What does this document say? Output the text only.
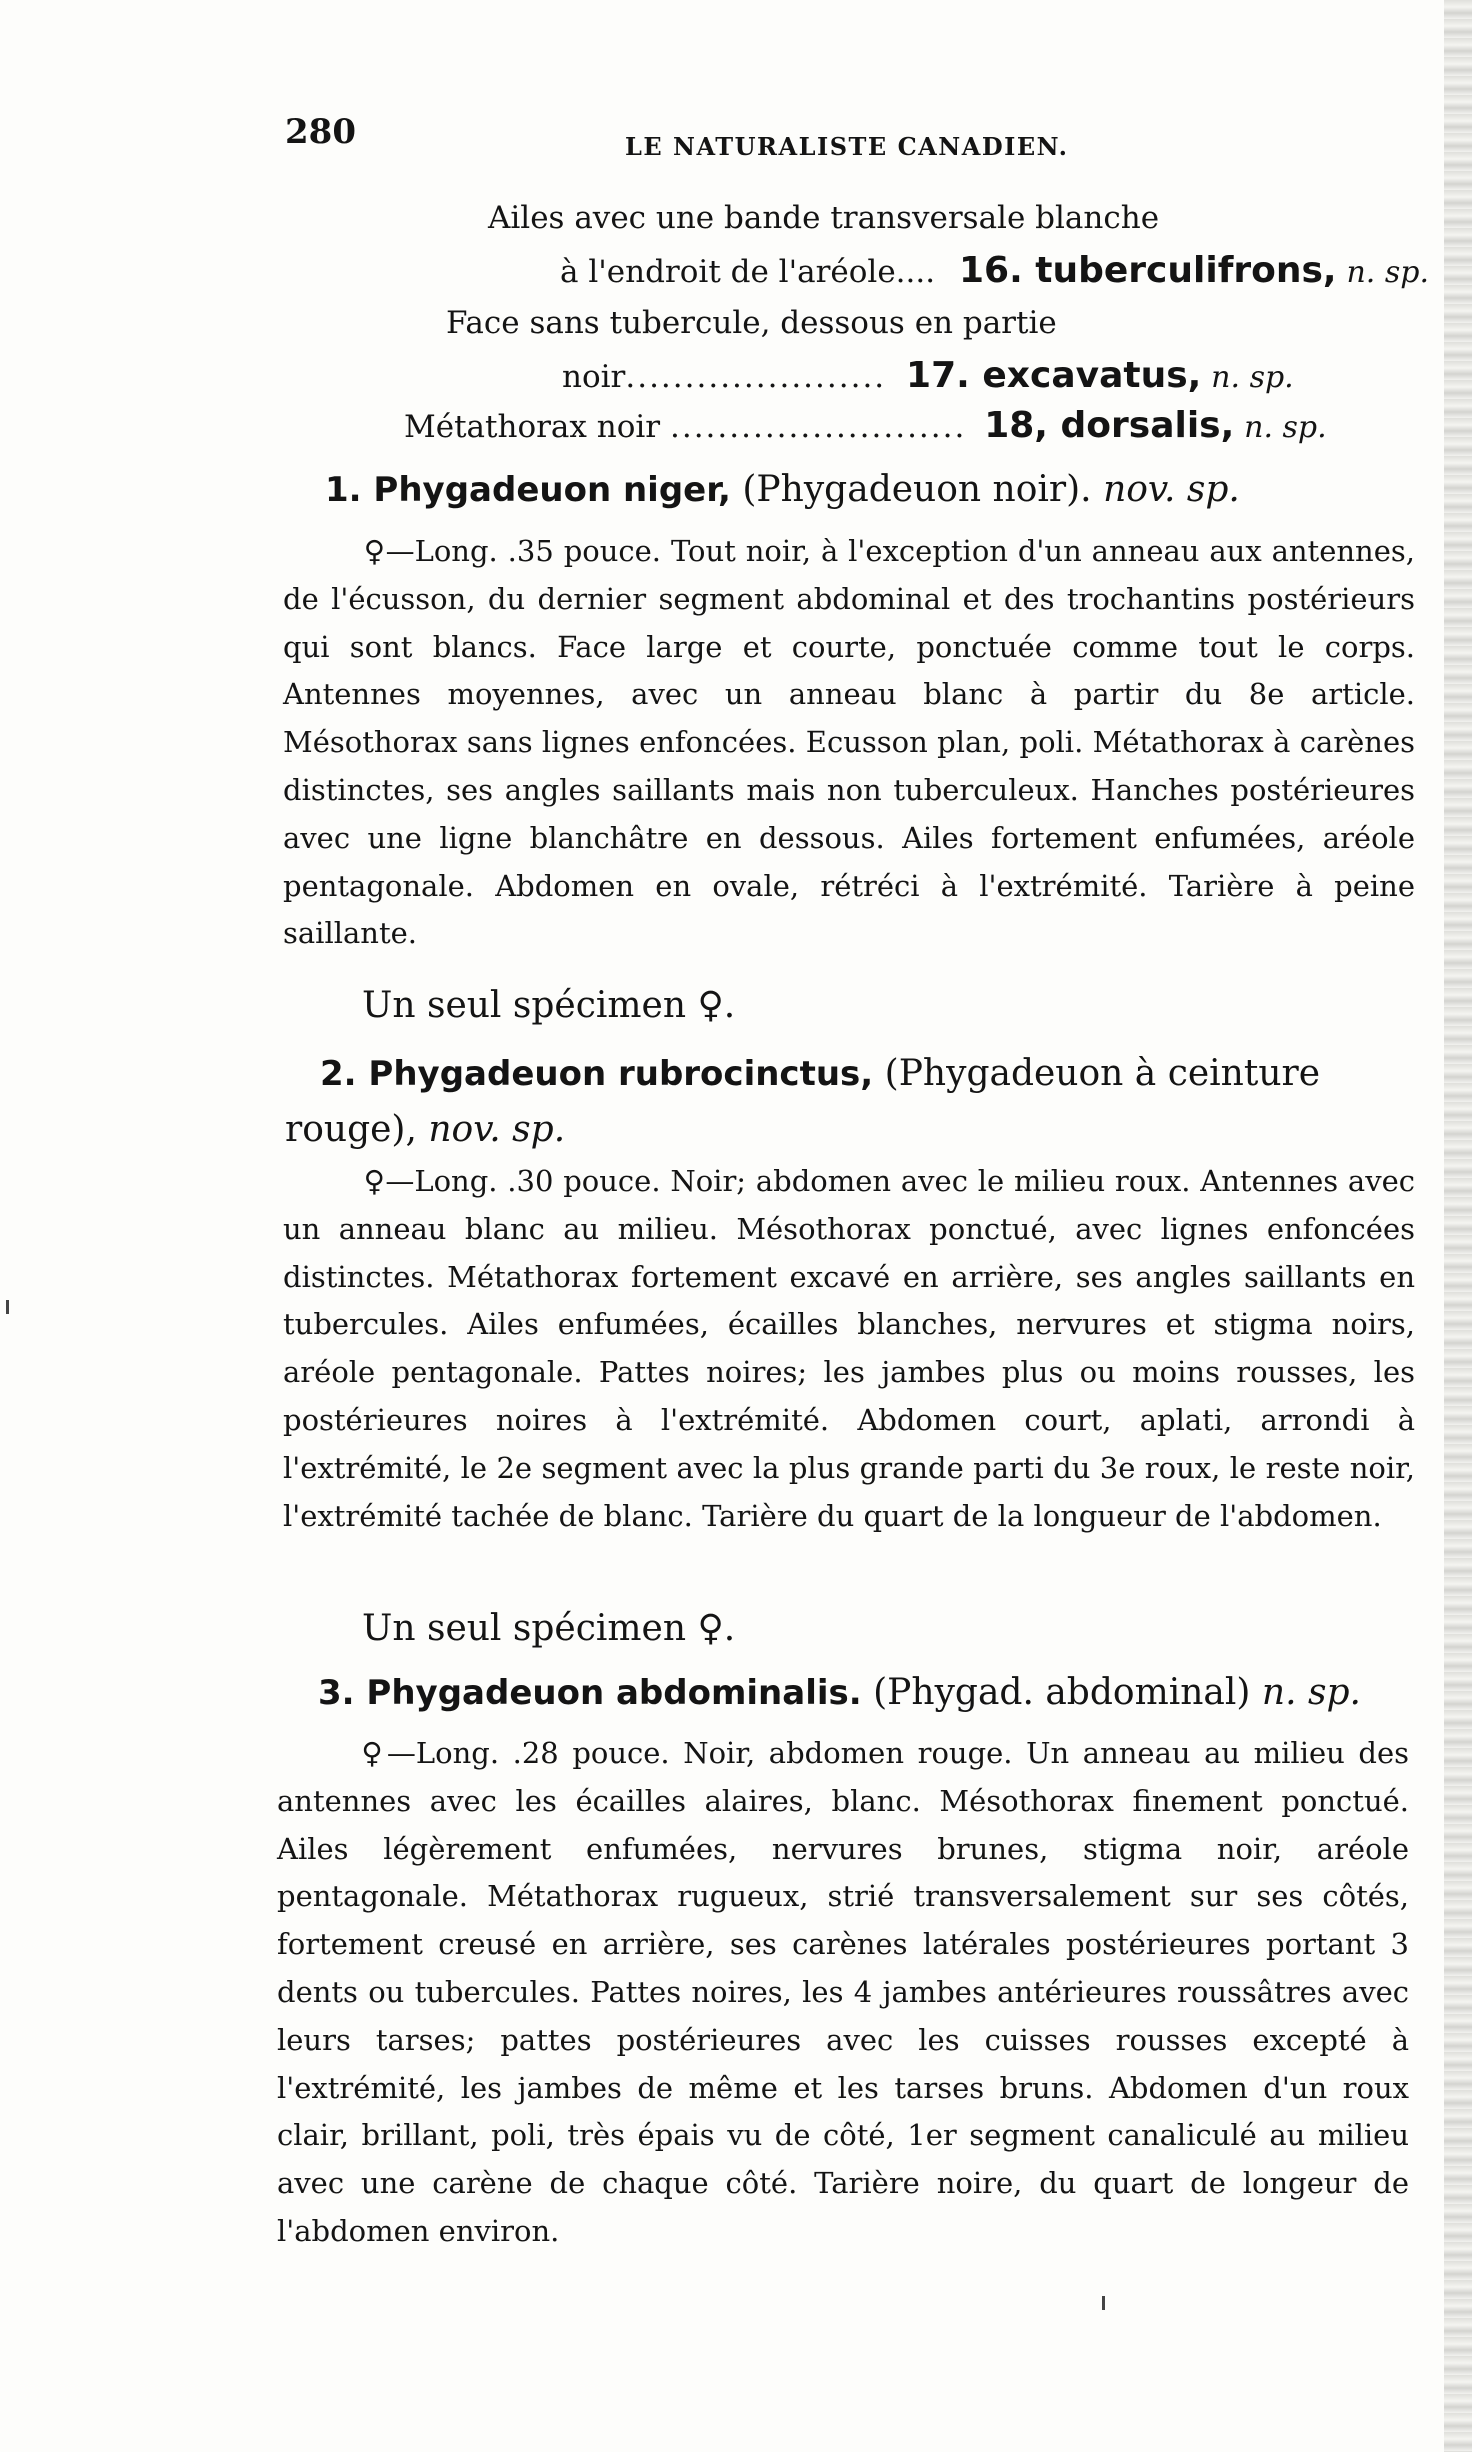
280	LE NATURALISTE CANADIEN.
Ailes avec une bande transversale blanche
à l'endroit de l'aréole.... 16. tuberculifrons, n. sp.
Face sans tubercule, dessous en partie
noir...................... 17. excavatus, n. sp.
Métathorax noir ......................... 18, dorsalis, n. sp.
1. Phygadeuon niger, (Phygadeuon noir). nov. sp.
♀—Long. .35 pouce. Tout noir, à l'exception d'un anneau aux antennes, de l'écusson, du dernier segment abdominal et des trochantins postérieurs qui sont blancs. Face large et courte, ponctuée comme tout le corps. Antennes moyennes, avec un anneau blanc à partir du 8e article. Mésothorax sans lignes enfoncées. Ecusson plan, poli. Métathorax à carènes distinctes, ses angles saillants mais non tuberculeux. Hanches postérieures avec une ligne blanchâtre en dessous. Ailes fortement enfumées, aréole pentagonale. Abdomen en ovale, rétréci à l'extrémité. Tarière à peine saillante.
Un seul spécimen ♀.
2. Phygadeuon rubrocinctus, (Phygadeuon à ceinture rouge), nov. sp.
♀—Long. .30 pouce. Noir; abdomen avec le milieu roux. Antennes avec un anneau blanc au milieu. Mésothorax ponctué, avec lignes enfoncées distinctes. Métathorax fortement excavé en arrière, ses angles saillants en tubercules. Ailes enfumées, écailles blanches, nervures et stigma noirs, aréole pentagonale. Pattes noires; les jambes plus ou moins rousses, les postérieures noires à l'extrémité. Abdomen court, aplati, arrondi à l'extrémité, le 2e segment avec la plus grande parti du 3e roux, le reste noir, l'extrémité tachée de blanc. Tarière du quart de la longueur de l'abdomen.
Un seul spécimen ♀.
3. Phygadeuon abdominalis. (Phygad. abdominal) n. sp.
♀—Long. .28 pouce. Noir, abdomen rouge. Un anneau au milieu des antennes avec les écailles alaires, blanc. Mésothorax finement ponctué. Ailes légèrement enfumées, nervures brunes, stigma noir, aréole pentagonale. Métathorax rugueux, strié transversalement sur ses côtés, fortement creusé en arrière, ses carènes latérales postérieures portant 3 dents ou tubercules. Pattes noires, les 4 jambes antérieures roussâtres avec leurs tarses; pattes postérieures avec les cuisses rousses excepté à l'extrémité, les jambes de même et les tarses bruns. Abdomen d'un roux clair, brillant, poli, très épais vu de côté, 1er segment canaliculé au milieu avec une carène de chaque côté. Tarière noire, du quart de longeur de l'abdomen environ.
